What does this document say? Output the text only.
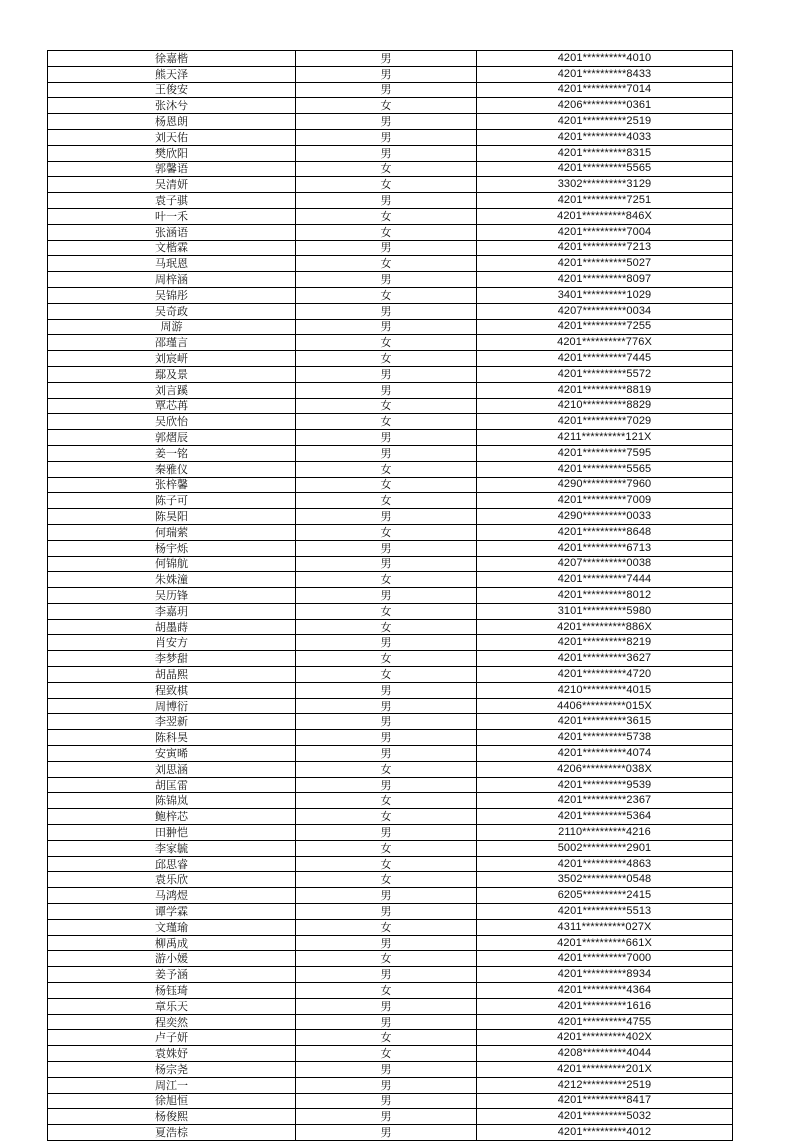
徐嘉楷	男	4201**********4010
熊天泽	男	4201**********8433
王俊安	男	4201**********7014
张沐兮	女	4206**********0361
杨恩朗	男	4201**********2519
刘天佑	男	4201**********4033
樊欣阳	男	4201**********8315
郭馨语	女	4201**********5565
吴清妍	女	3302**********3129
袁子骐	男	4201**********7251
叶一禾	女	4201**********846X
张涵语	女	4201**********7004
文楷霖	男	4201**********7213
马珉恩	女	4201**********5027
周梓涵	男	4201**********8097
吴锦彤	女	3401**********1029
吴奇政	男	4207**********0034
周游	男	4201**********7255
邵瑾言	女	4201**********776X
刘宸岍	女	4201**********7445
鄢及景	男	4201**********5572
刘言蹊	男	4201**********8819
覃芯苒	女	4210**********8829
吴欣怡	女	4201**********7029
郭熠辰	男	4211**********121X
姜一铭	男	4201**********7595
秦雅仪	女	4201**********5565
张梓馨	女	4290**********7960
陈子可	女	4201**********7009
陈昊阳	男	4290**********0033
何瑞萦	女	4201**********8648
杨宇烁	男	4201**********6713
何锦航	男	4207**********0038
朱姝潼	女	4201**********7444
吴历锋	男	4201**********8012
李嘉玥	女	3101**********5980
胡墨蒔	女	4201**********886X
肖安方	男	4201**********8219
李梦甜	女	4201**********3627
胡晶熙	女	4201**********4720
程致棋	男	4210**********4015
周博衍	男	4406**********015X
李翌新	男	4201**********3615
陈科昊	男	4201**********5738
安寅晞	男	4201**********4074
刘思涵	女	4206**********038X
胡匡雷	男	4201**********9539
陈锦岚	女	4201**********2367
鲍梓芯	女	4201**********5364
田翀恺	男	2110**********4216
李家毓	女	5002**********2901
邱思睿	女	4201**********4863
袁乐欣	女	3502**********0548
马鸿煜	男	6205**********2415
谭学霖	男	4201**********5513
文瑾瑜	女	4311**********027X
柳禹成	男	4201**********661X
游小媛	女	4201**********7000
姜予涵	男	4201**********8934
杨钰琦	女	4201**********4364
章乐天	男	4201**********1616
程奕然	男	4201**********4755
卢子妍	女	4201**********402X
袁姝妤	女	4208**********4044
杨宗尧	男	4201**********201X
周江一	男	4212**********2519
徐旭恒	男	4201**********8417
杨俊熙	男	4201**********5032
夏浩棕	男	4201**********4012
